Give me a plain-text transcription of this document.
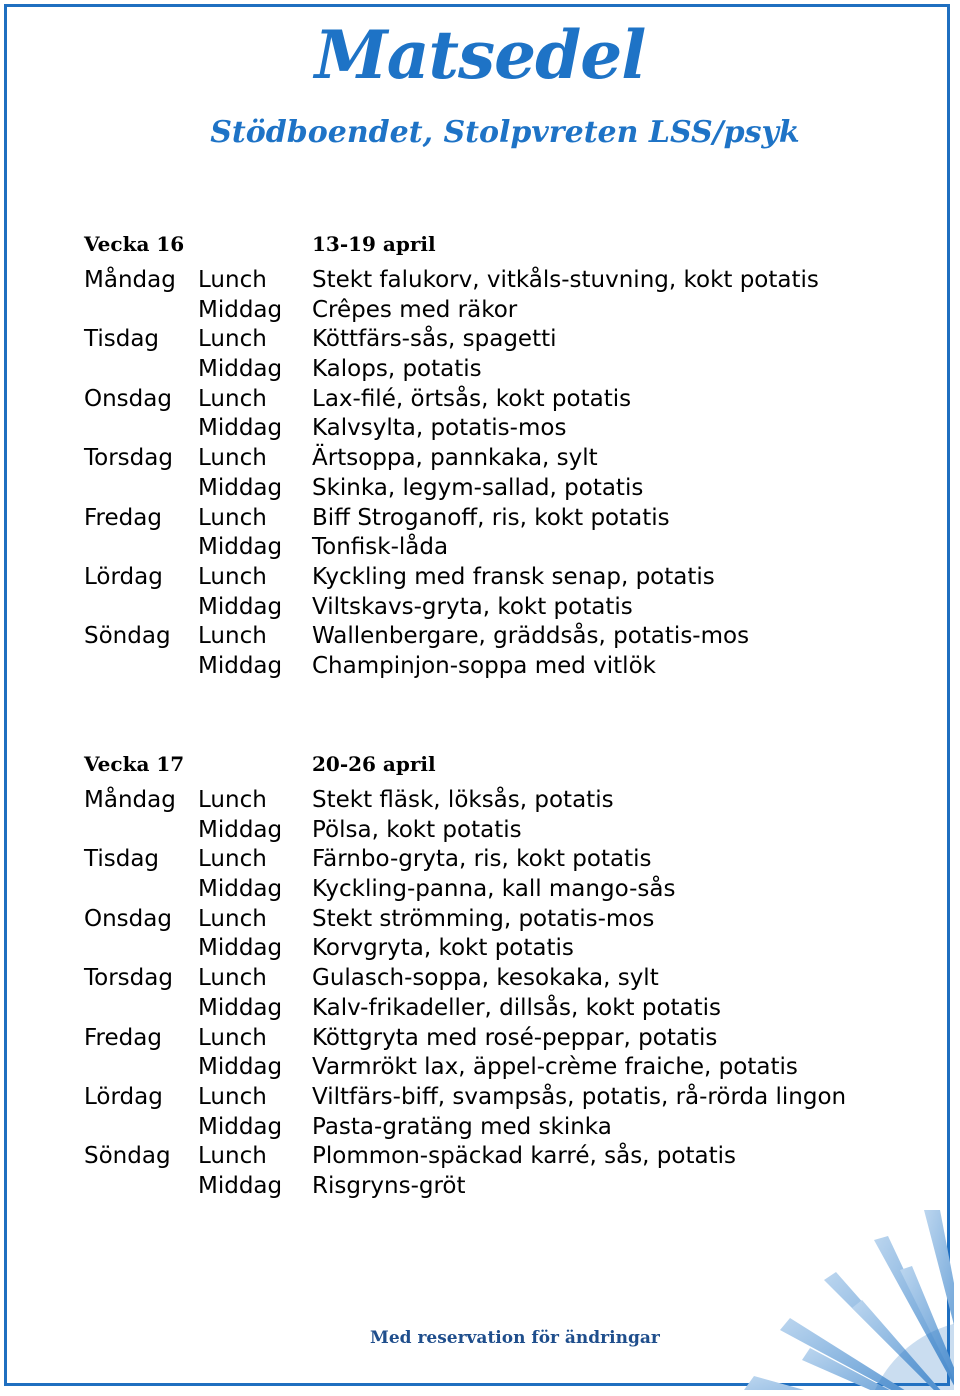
Matsedel
Stödboendet, Stolpvreten LSS/psyk
Vecka 16	13-19 april
Måndag Lunch Stekt falukorv, vitkåls-stuvning, kokt potatis
Middag Crêpes med räkor
Tisdag Lunch Köttfärs-sås, spagetti
Middag Kalops, potatis
Onsdag Lunch Lax-filé, örtsås, kokt potatis
Middag Kalvsylta, potatis-mos
Torsdag Lunch Ärtsoppa, pannkaka, sylt
Middag Skinka, legym-sallad, potatis
Fredag Lunch Biff Stroganoff, ris, kokt potatis
Middag Tonfisk-låda
Lördag Lunch Kyckling med fransk senap, potatis
Middag Viltskavs-gryta, kokt potatis
Söndag Lunch Wallenbergare, gräddsås, potatis-mos
Middag Champinjon-soppa med vitlök
Vecka 17	20-26 april
Måndag Lunch Stekt fläsk, löksås, potatis
Middag Pölsa, kokt potatis
Tisdag Lunch Färnbo-gryta, ris, kokt potatis
Middag Kyckling-panna, kall mango-sås
Onsdag Lunch Stekt strömming, potatis-mos
Middag Korvgryta, kokt potatis
Torsdag Lunch Gulasch-soppa, kesokaka, sylt
Middag Kalv-frikadeller, dillsås, kokt potatis
Fredag Lunch Köttgryta med rosé-peppar, potatis
Middag Varmrökt lax, äppel-crème fraiche, potatis
Lördag Lunch Viltfärs-biff, svampsås, potatis, rå-rörda lingon
Middag Pasta-gratäng med skinka
Söndag Lunch Plommon-späckad karré, sås, potatis
Middag Risgryns-gröt
Med reservation för ändringar
